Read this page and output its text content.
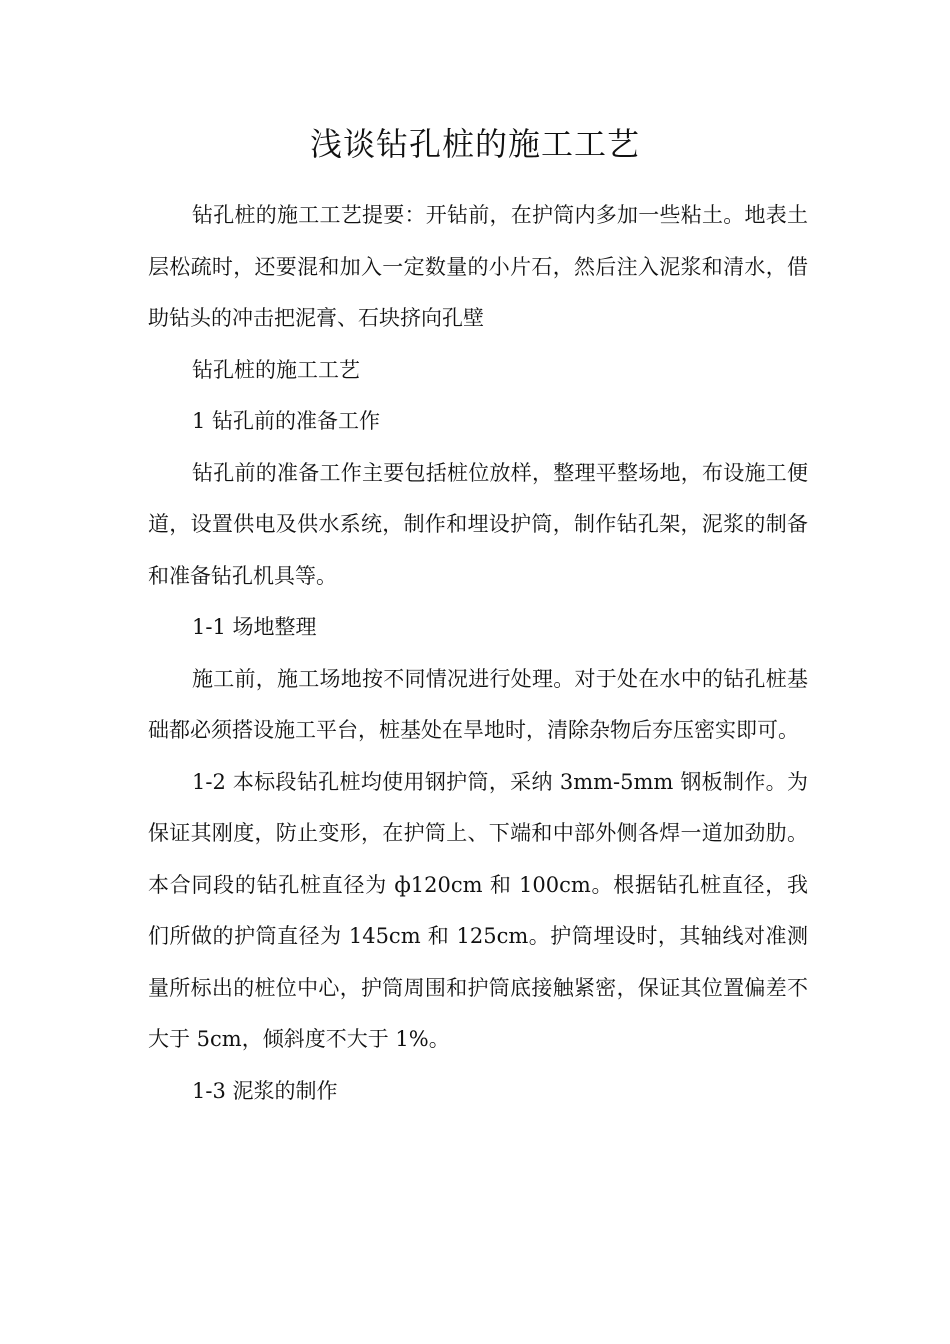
浅谈钻孔桩的施工工艺

钻孔桩的施工工艺提要：开钻前，在护筒内多加一些粘土。地表土层松疏时，还要混和加入一定数量的小片石，然后注入泥浆和清水，借助钻头的冲击把泥膏、石块挤向孔壁

钻孔桩的施工工艺

1 钻孔前的准备工作

钻孔前的准备工作主要包括桩位放样，整理平整场地，布设施工便道，设置供电及供水系统，制作和埋设护筒，制作钻孔架，泥浆的制备和准备钻孔机具等。

1-1 场地整理

施工前，施工场地按不同情况进行处理。对于处在水中的钻孔桩基础都必须搭设施工平台，桩基处在旱地时，清除杂物后夯压密实即可。

1-2 本标段钻孔桩均使用钢护筒，采纳 3mm-5mm 钢板制作。为保证其刚度，防止变形，在护筒上、下端和中部外侧各焊一道加劲肋。本合同段的钻孔桩直径为 ф120cm 和 100cm。根据钻孔桩直径，我们所做的护筒直径为 145cm 和 125cm。护筒埋设时，其轴线对准测量所标出的桩位中心，护筒周围和护筒底接触紧密，保证其位置偏差不大于 5cm，倾斜度不大于 1%。

1-3 泥浆的制作
